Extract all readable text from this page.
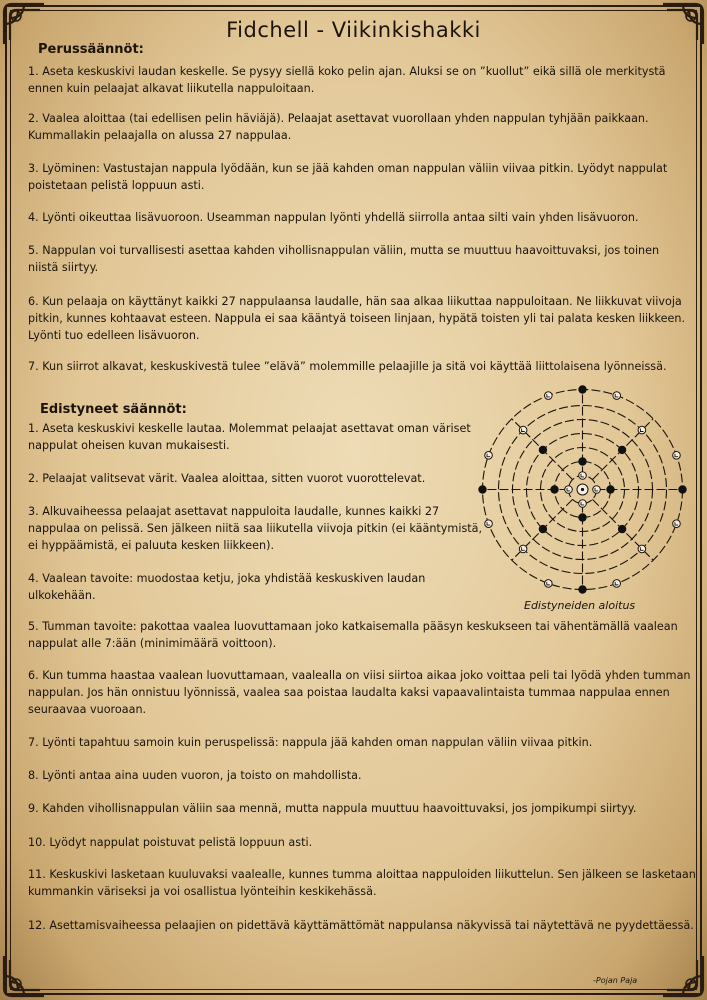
Fidchell - Viikinkishakki
Perussäännöt:

1. Aseta keskuskivi laudan keskelle. Se pysyy siellä koko pelin ajan. Aluksi se on ”kuollut” eikä sillä ole merkitystä
ennen kuin pelaajat alkavat liikutella nappuloitaan.

2. Vaalea aloittaa (tai edellisen pelin häviäjä). Pelaajat asettavat vuorollaan yhden nappulan tyhjään paikkaan.
Kummallakin pelaajalla on alussa 27 nappulaa.

3. Lyöminen: Vastustajan nappula lyödään, kun se jää kahden oman nappulan väliin viivaa pitkin. Lyödyt nappulat
poistetaan pelistä loppuun asti.

4. Lyönti oikeuttaa lisävuoroon. Useamman nappulan lyönti yhdellä siirrolla antaa silti vain yhden lisävuoron.

5. Nappulan voi turvallisesti asettaa kahden vihollisnappulan väliin, mutta se muuttuu haavoittuvaksi, jos toinen
niistä siirtyy.

6. Kun pelaaja on käyttänyt kaikki 27 nappulaansa laudalle, hän saa alkaa liikuttaa nappuloitaan. Ne liikkuvat viivoja
pitkin, kunnes kohtaavat esteen. Nappula ei saa kääntyä toiseen linjaan, hypätä toisten yli tai palata kesken liikkeen.
Lyönti tuo edelleen lisävuoron.

7. Kun siirrot alkavat, keskuskivestä tulee ”elävä” molemmille pelaajille ja sitä voi käyttää liittolaisena lyönneissä.

Edistyneet säännöt:

1. Aseta keskuskivi keskelle lautaa. Molemmat pelaajat asettavat oman väriset
nappulat oheisen kuvan mukaisesti.

2. Pelaajat valitsevat värit. Vaalea aloittaa, sitten vuorot vuorottelevat.

3. Alkuvaiheessa pelaajat asettavat nappuloita laudalle, kunnes kaikki 27
nappulaa on pelissä. Sen jälkeen niitä saa liikutella viivoja pitkin (ei kääntymistä,
ei hyppäämistä, ei paluuta kesken liikkeen).

4. Vaalean tavoite: muodostaa ketju, joka yhdistää keskuskiven laudan
ulkokehään.

5. Tumman tavoite: pakottaa vaalea luovuttamaan joko katkaisemalla pääsyn keskukseen tai vähentämällä vaalean
nappulat alle 7:ään (minimimäärä voittoon).

6. Kun tumma haastaa vaalean luovuttamaan, vaalealla on viisi siirtoa aikaa joko voittaa peli tai lyödä yhden tumman
nappulan. Jos hän onnistuu lyönnissä, vaalea saa poistaa laudalta kaksi vapaavalintaista tummaa nappulaa ennen
seuraavaa vuoroaan.

7. Lyönti tapahtuu samoin kuin peruspelissä: nappula jää kahden oman nappulan väliin viivaa pitkin.

8. Lyönti antaa aina uuden vuoron, ja toisto on mahdollista.

9. Kahden vihollisnappulan väliin saa mennä, mutta nappula muuttuu haavoittuvaksi, jos jompikumpi siirtyy.

10. Lyödyt nappulat poistuvat pelistä loppuun asti.

11. Keskuskivi lasketaan kuuluvaksi vaalealle, kunnes tumma aloittaa nappuloiden liikuttelun. Sen jälkeen se lasketaan
kummankin väriseksi ja voi osallistua lyönteihin keskikehässä.

12. Asettamisvaiheessa pelaajien on pidettävä käyttämättömät nappulansa näkyvissä tai näytettävä ne pyydettäessä.

Edistyneiden aloitus
-Pojan Paja
